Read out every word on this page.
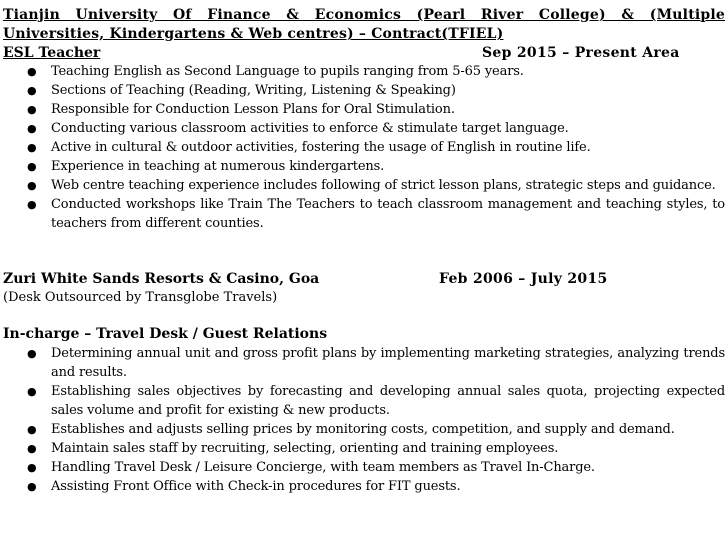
Tianjin University Of Finance & Economics (Pearl River College) & (Multiple Universities, Kindergartens & Web centres) – Contract(TFIEL)

ESL Teacher	Sep 2015 – Present Area
● Teaching English as Second Language to pupils ranging from 5-65 years.
● Sections of Teaching (Reading, Writing, Listening & Speaking)
● Responsible for Conduction Lesson Plans for Oral Stimulation.
● Conducting various classroom activities to enforce & stimulate target language.
● Active in cultural & outdoor activities, fostering the usage of English in routine life.
● Experience in teaching at numerous kindergartens.
● Web centre teaching experience includes following of strict lesson plans, strategic steps and guidance.
● Conducted workshops like Train The Teachers to teach classroom management and teaching styles, to teachers from different counties.
Zuri White Sands Resorts & Casino, Goa	Feb 2006 – July 2015
(Desk Outsourced by Transglobe Travels)
In-charge – Travel Desk / Guest Relations
● Determining annual unit and gross profit plans by implementing marketing strategies, analyzing trends and results.
● Establishing sales objectives by forecasting and developing annual sales quota, projecting expected sales volume and profit for existing & new products.
● Establishes and adjusts selling prices by monitoring costs, competition, and supply and demand.
● Maintain sales staff by recruiting, selecting, orienting and training employees.
● Handling Travel Desk / Leisure Concierge, with team members as Travel In-Charge.
● Assisting Front Office with Check-in procedures for FIT guests.
